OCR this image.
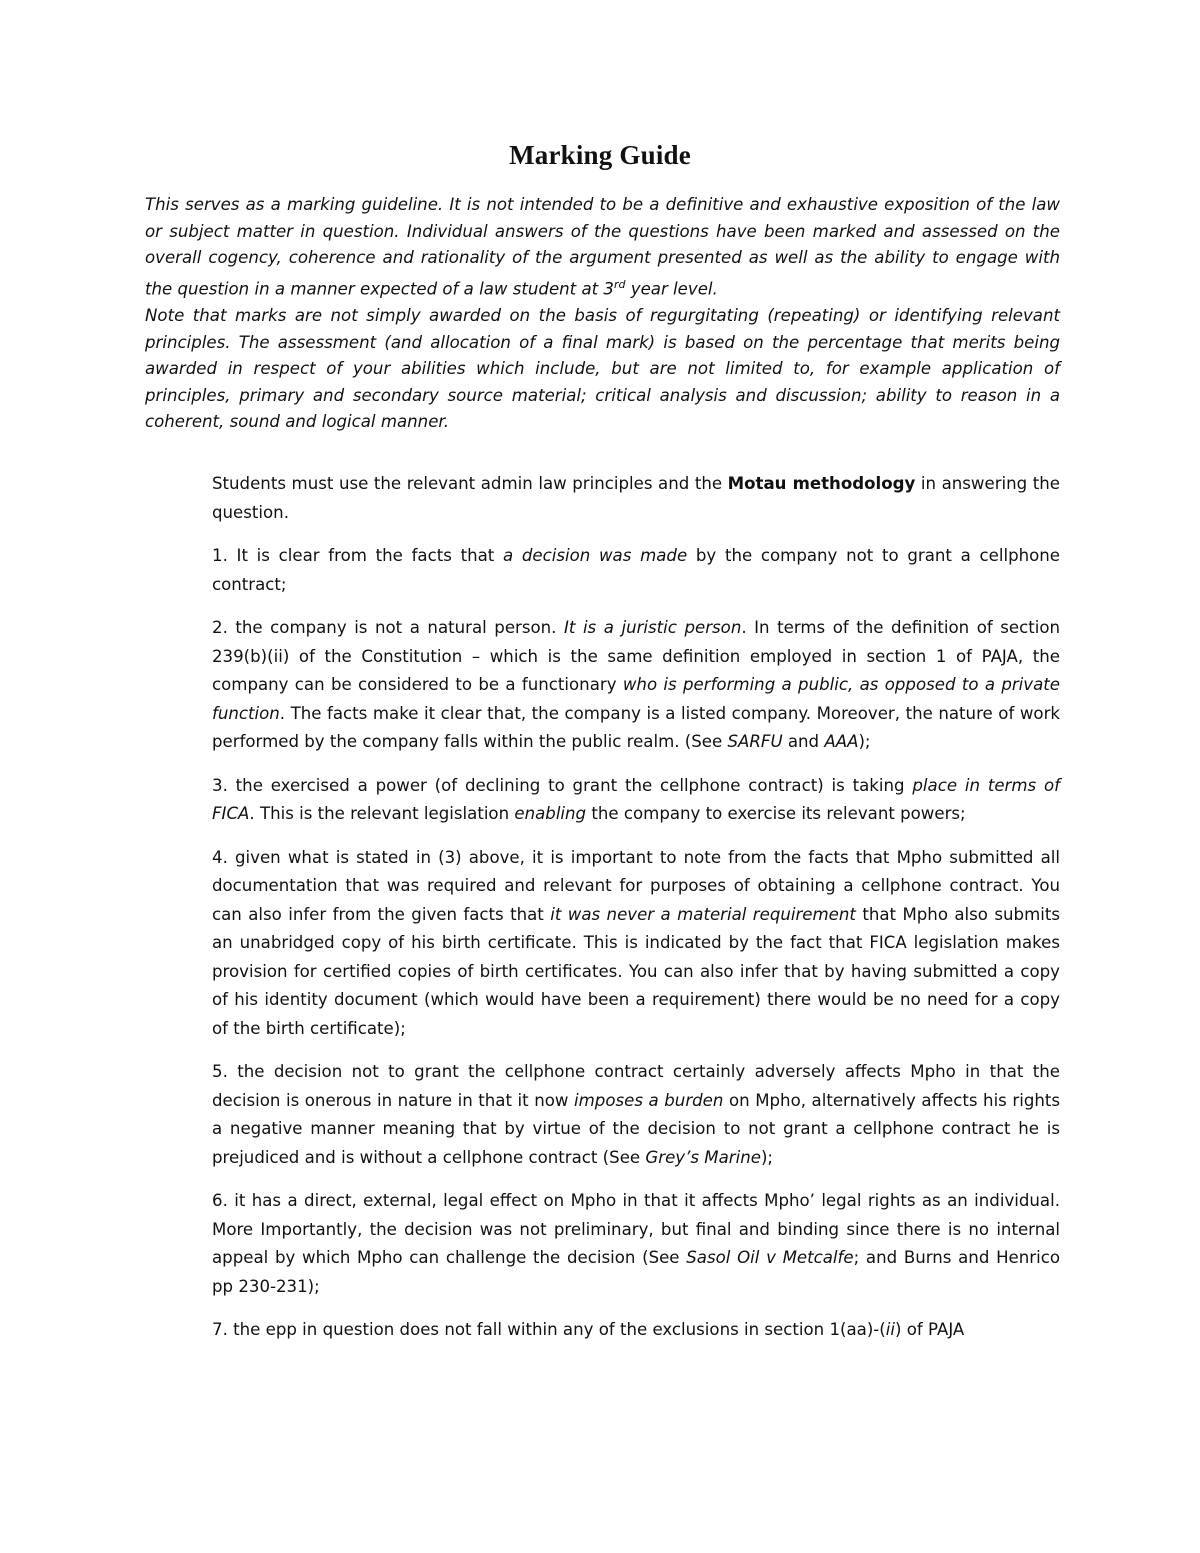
Marking Guide

This serves as a marking guideline. It is not intended to be a definitive and exhaustive exposition of the law or subject matter in question. Individual answers of the questions have been marked and assessed on the overall cogency, coherence and rationality of the argument presented as well as the ability to engage with the question in a manner expected of a law student at 3rd year level.

Note that marks are not simply awarded on the basis of regurgitating (repeating) or identifying relevant principles. The assessment (and allocation of a final mark) is based on the percentage that merits being awarded in respect of your abilities which include, but are not limited to, for example application of principles, primary and secondary source material; critical analysis and discussion; ability to reason in a coherent, sound and logical manner.

Students must use the relevant admin law principles and the Motau methodology in answering the question.

1. It is clear from the facts that a decision was made by the company not to grant a cellphone contract;

2. the company is not a natural person. It is a juristic person. In terms of the definition of section 239(b)(ii) of the Constitution – which is the same definition employed in section 1 of PAJA, the company can be considered to be a functionary who is performing a public, as opposed to a private function. The facts make it clear that, the company is a listed company. Moreover, the nature of work performed by the company falls within the public realm. (See SARFU and AAA);

3. the exercised a power (of declining to grant the cellphone contract) is taking place in terms of FICA. This is the relevant legislation enabling the company to exercise its relevant powers;

4. given what is stated in (3) above, it is important to note from the facts that Mpho submitted all documentation that was required and relevant for purposes of obtaining a cellphone contract. You can also infer from the given facts that it was never a material requirement that Mpho also submits an unabridged copy of his birth certificate. This is indicated by the fact that FICA legislation makes provision for certified copies of birth certificates. You can also infer that by having submitted a copy of his identity document (which would have been a requirement) there would be no need for a copy of the birth certificate);

5. the decision not to grant the cellphone contract certainly adversely affects Mpho in that the decision is onerous in nature in that it now imposes a burden on Mpho, alternatively affects his rights a negative manner meaning that by virtue of the decision to not grant a cellphone contract he is prejudiced and is without a cellphone contract (See Grey’s Marine);

6. it has a direct, external, legal effect on Mpho in that it affects Mpho’ legal rights as an individual. More Importantly, the decision was not preliminary, but final and binding since there is no internal appeal by which Mpho can challenge the decision (See Sasol Oil v Metcalfe; and Burns and Henrico pp 230-231);

7. the epp in question does not fall within any of the exclusions in section 1(aa)-(ii) of PAJA
